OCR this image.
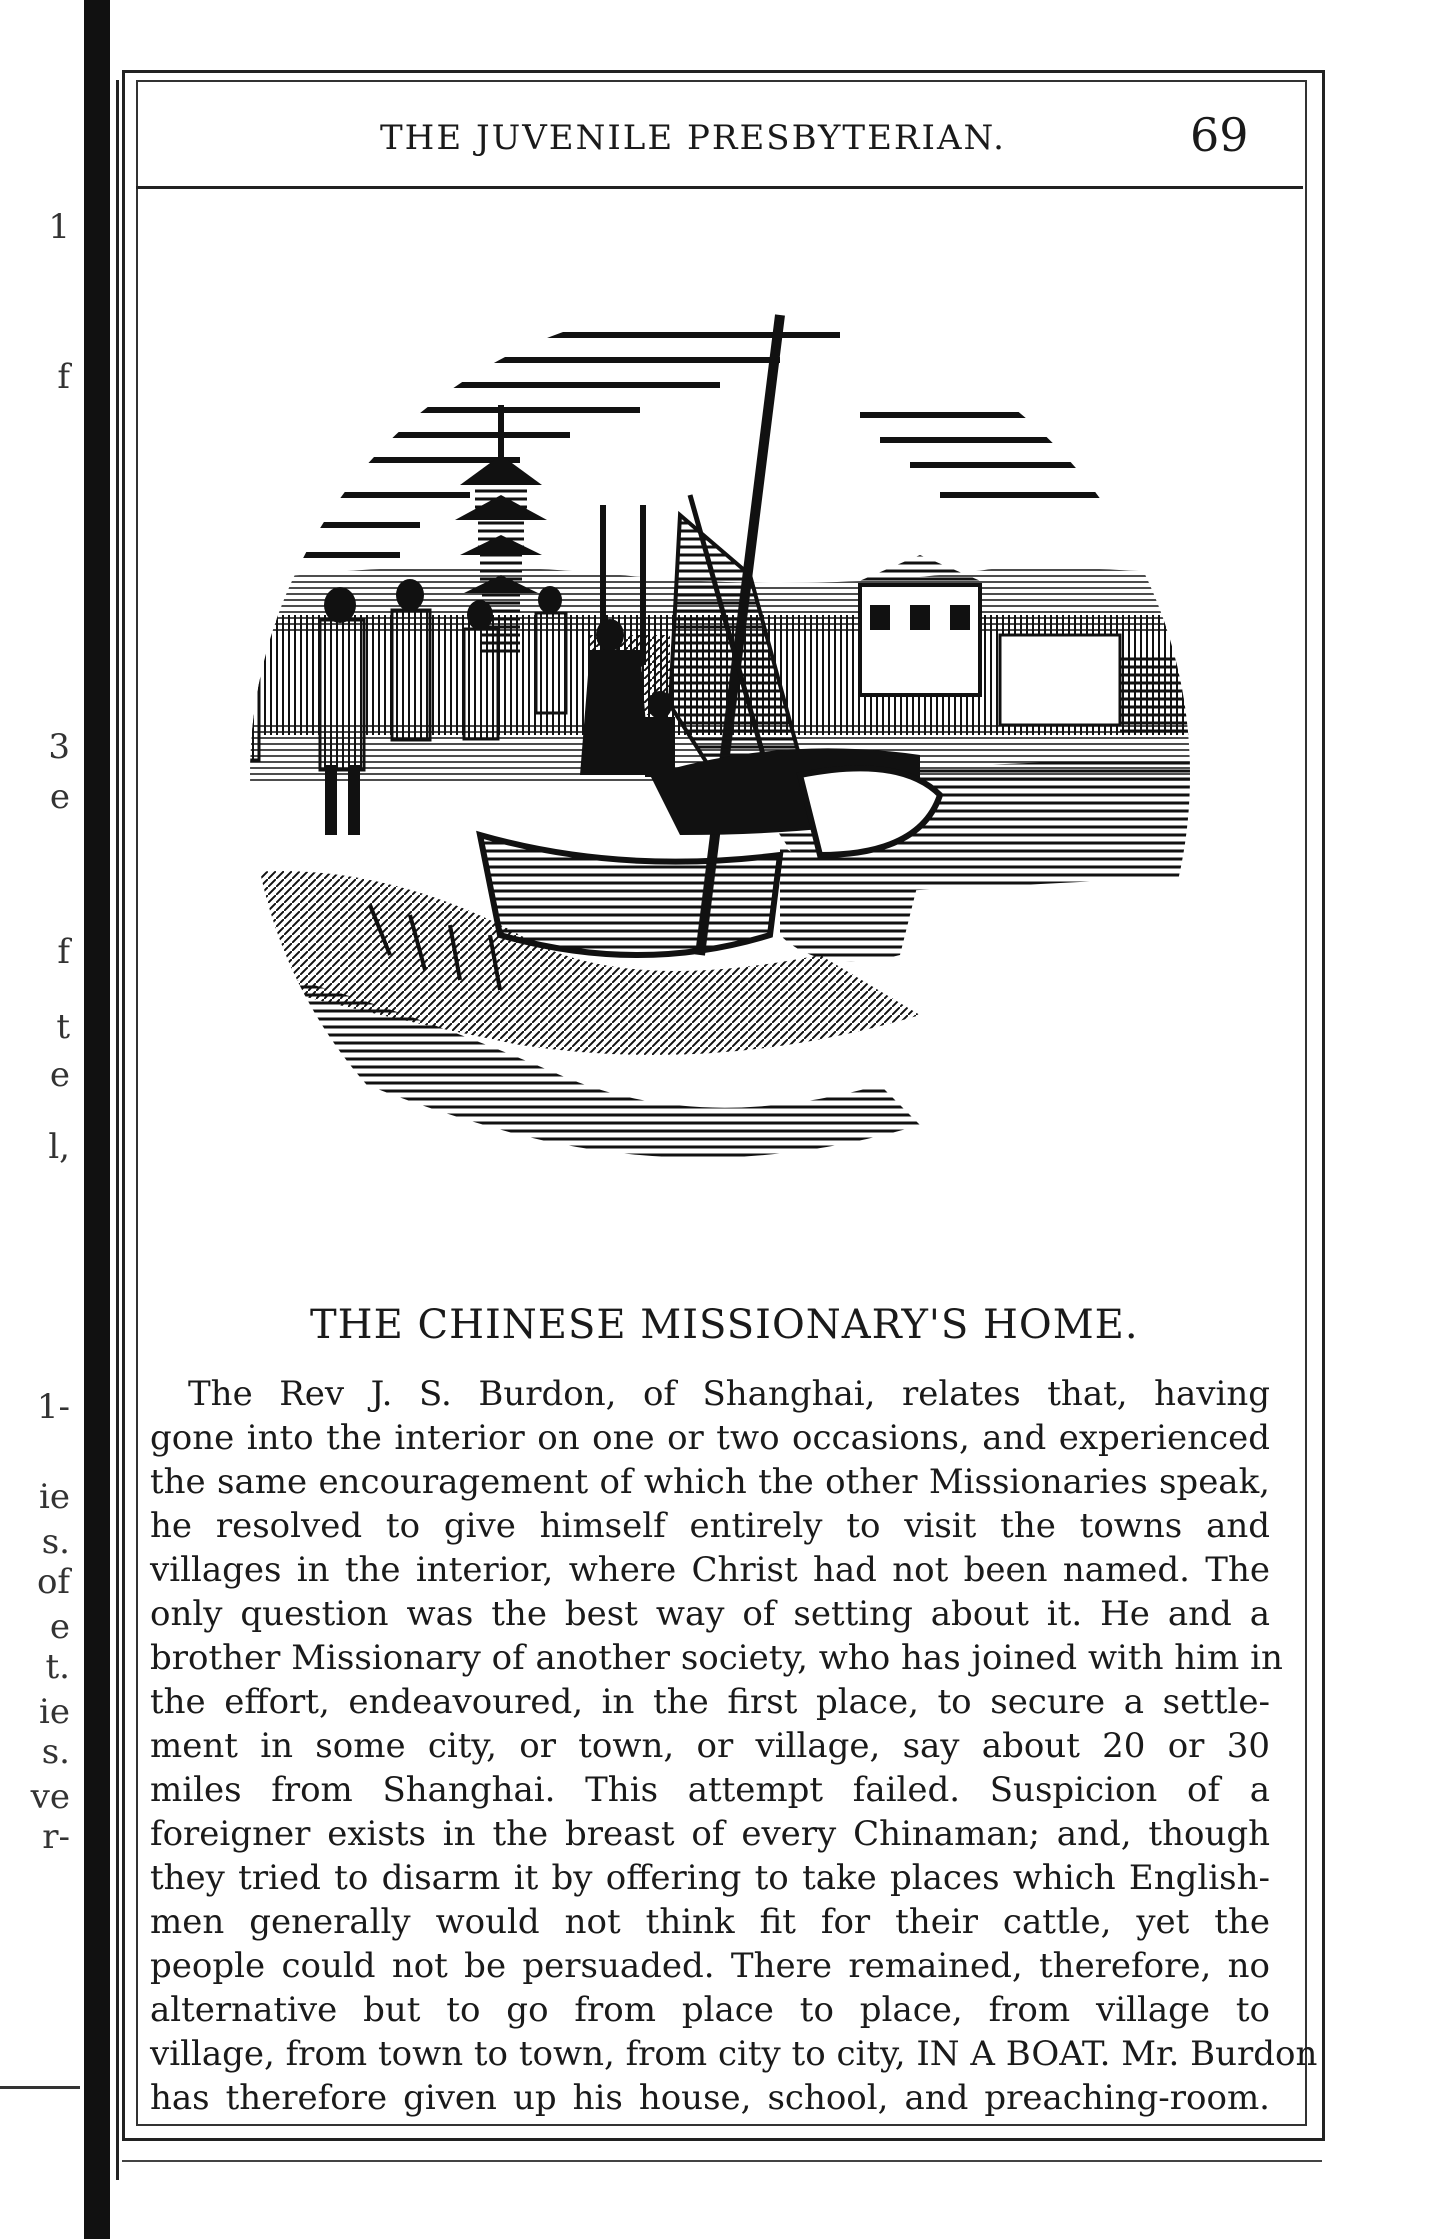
1
f
3
e
f
t
e
l,
1-
ie
s.
of
e
t.
ie
s.
ve
r-
THE JUVENILE PRESBYTERIAN.	69
THE CHINESE MISSIONARY'S HOME.
The Rev J. S. Burdon, of Shanghai, relates that, having
gone into the interior on one or two occasions, and experienced
the same encouragement of which the other Missionaries speak,
he resolved to give himself entirely to visit the towns and
villages in the interior, where Christ had not been named. The
only question was the best way of setting about it. He and a
brother Missionary of another society, who has joined with him in
the effort, endeavoured, in the first place, to secure a settle-
ment in some city, or town, or village, say about 20 or 30
miles from Shanghai. This attempt failed. Suspicion of a
foreigner exists in the breast of every Chinaman; and, though
they tried to disarm it by offering to take places which English-
men generally would not think fit for their cattle, yet the
people could not be persuaded. There remained, therefore, no
alternative but to go from place to place, from village to
village, from town to town, from city to city, IN A BOAT. Mr. Burdon
has therefore given up his house, school, and preaching-room.
